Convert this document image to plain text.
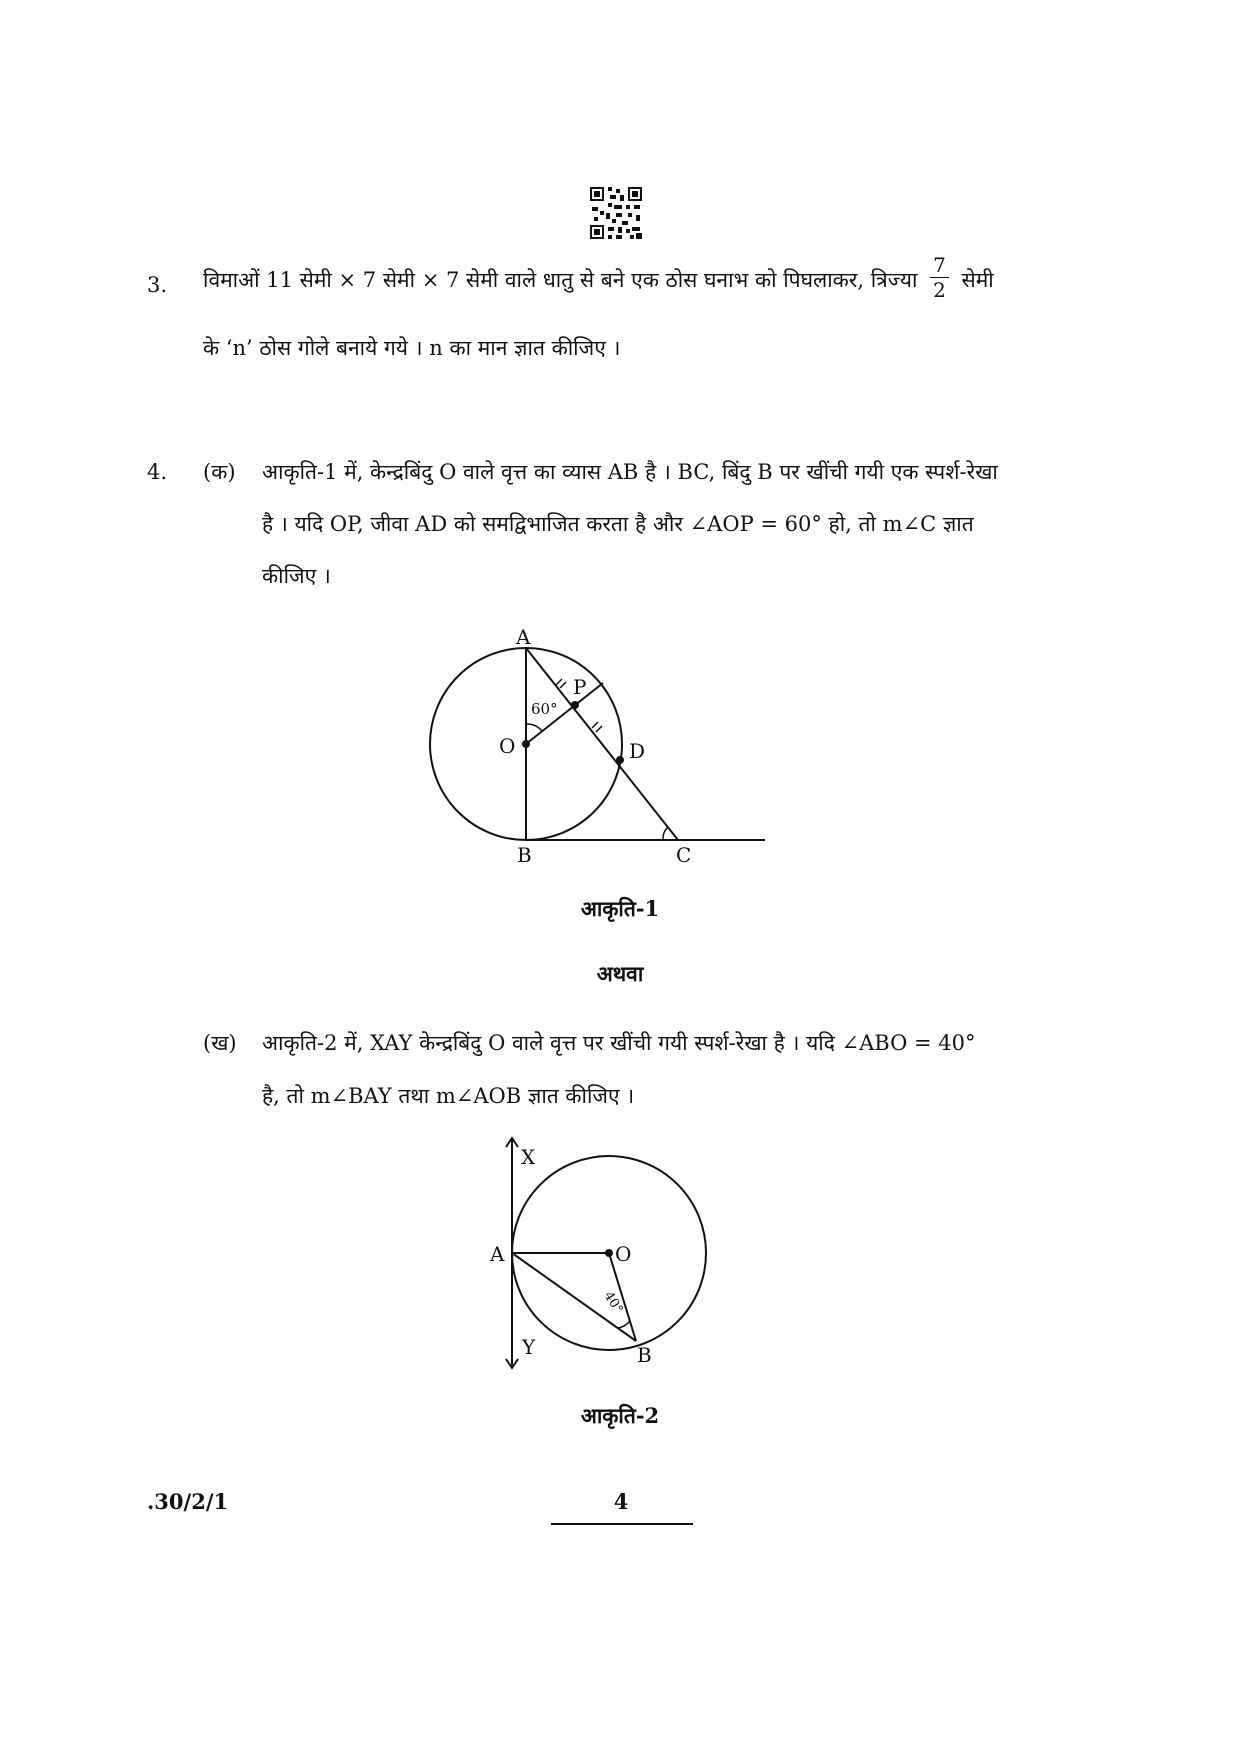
3. विमाओं 11 सेमी × 7 सेमी × 7 सेमी वाले धातु से बने एक ठोस घनाभ को पिघलाकर, त्रिज्या $\frac{7}{2}$ सेमी
के ‘n’ ठोस गोले बनाये गये । n का मान ज्ञात कीजिए ।
4. (क) आकृति-1 में, केन्द्रबिंदु O वाले वृत्त का व्यास AB है । BC, बिंदु B पर खींची गयी एक स्पर्श-रेखा
है । यदि OP, जीवा AD को समद्विभाजित करता है और ∠AOP = 60° हो, तो m∠C ज्ञात
कीजिए ।
A
P
O	D
B	C
60°
आकृति-1
अथवा
(ख) आकृति-2 में, XAY केन्द्रबिंदु O वाले वृत्त पर खींची गयी स्पर्श-रेखा है । यदि ∠ABO = 40°
है, तो m∠BAY तथा m∠AOB ज्ञात कीजिए ।
X
A	O
Y	B
40°
आकृति-2
.30/2/1	4
